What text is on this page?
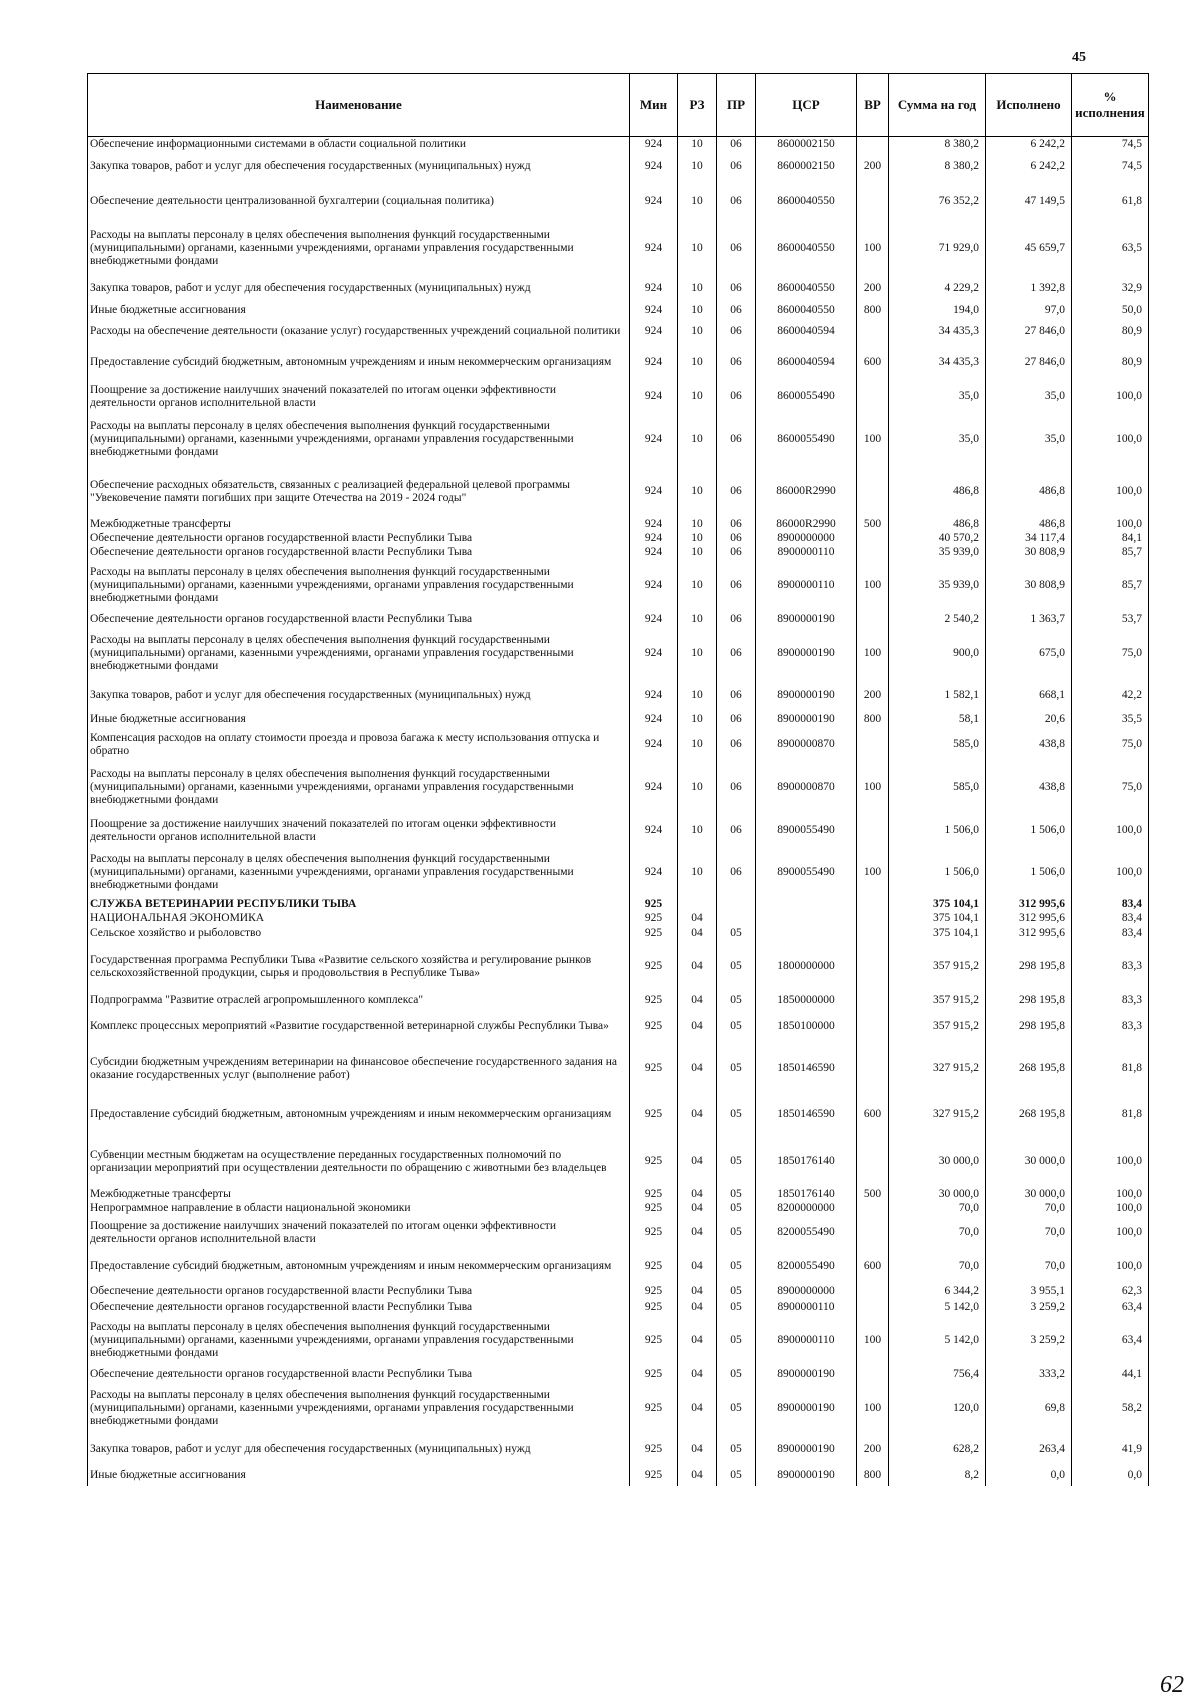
45
Наименование	Мин	РЗ	ПР	ЦСР	ВР	Сумма на год	Исполнено	% исполнения
Обеспечение информационными системами в области социальной политики	924	10	06	8600002150		8 380,2	6 242,2	74,5
Закупка товаров, работ и услуг для обеспечения государственных (муниципальных) нужд	924	10	06	8600002150	200	8 380,2	6 242,2	74,5
Обеспечение деятельности централизованной бухгалтерии (социальная политика)	924	10	06	8600040550		76 352,2	47 149,5	61,8
Расходы на выплаты персоналу в целях обеспечения выполнения функций государственными (муниципальными) органами, казенными учреждениями, органами управления государственными внебюджетными фондами	924	10	06	8600040550	100	71 929,0	45 659,7	63,5
Закупка товаров, работ и услуг для обеспечения государственных (муниципальных) нужд	924	10	06	8600040550	200	4 229,2	1 392,8	32,9
Иные бюджетные ассигнования	924	10	06	8600040550	800	194,0	97,0	50,0
Расходы на обеспечение деятельности (оказание услуг) государственных учреждений социальной политики	924	10	06	8600040594		34 435,3	27 846,0	80,9
Предоставление субсидий бюджетным, автономным учреждениям и иным некоммерческим организациям	924	10	06	8600040594	600	34 435,3	27 846,0	80,9
Поощрение за достижение наилучших значений показателей по итогам оценки эффективности деятельности органов исполнительной власти	924	10	06	8600055490		35,0	35,0	100,0
Расходы на выплаты персоналу в целях обеспечения выполнения функций государственными (муниципальными) органами, казенными учреждениями, органами управления государственными внебюджетными фондами	924	10	06	8600055490	100	35,0	35,0	100,0
Обеспечение расходных обязательств, связанных с реализацией федеральной целевой программы "Увековечение памяти погибших при защите Отечества на 2019 - 2024 годы"	924	10	06	86000R2990		486,8	486,8	100,0
Межбюджетные трансферты	924	10	06	86000R2990	500	486,8	486,8	100,0
Обеспечение деятельности органов государственной власти Республики Тыва	924	10	06	8900000000		40 570,2	34 117,4	84,1
Обеспечение деятельности органов государственной власти Республики Тыва	924	10	06	8900000110		35 939,0	30 808,9	85,7
Расходы на выплаты персоналу в целях обеспечения выполнения функций государственными (муниципальными) органами, казенными учреждениями, органами управления государственными внебюджетными фондами	924	10	06	8900000110	100	35 939,0	30 808,9	85,7
Обеспечение деятельности органов государственной власти Республики Тыва	924	10	06	8900000190		2 540,2	1 363,7	53,7
Расходы на выплаты персоналу в целях обеспечения выполнения функций государственными (муниципальными) органами, казенными учреждениями, органами управления государственными внебюджетными фондами	924	10	06	8900000190	100	900,0	675,0	75,0
Закупка товаров, работ и услуг для обеспечения государственных (муниципальных) нужд	924	10	06	8900000190	200	1 582,1	668,1	42,2
Иные бюджетные ассигнования	924	10	06	8900000190	800	58,1	20,6	35,5
Компенсация расходов на оплату стоимости проезда и провоза багажа к месту использования отпуска и обратно	924	10	06	8900000870		585,0	438,8	75,0
Расходы на выплаты персоналу в целях обеспечения выполнения функций государственными (муниципальными) органами, казенными учреждениями, органами управления государственными внебюджетными фондами	924	10	06	8900000870	100	585,0	438,8	75,0
Поощрение за достижение наилучших значений показателей по итогам оценки эффективности деятельности органов исполнительной власти	924	10	06	8900055490		1 506,0	1 506,0	100,0
Расходы на выплаты персоналу в целях обеспечения выполнения функций государственными (муниципальными) органами, казенными учреждениями, органами управления государственными внебюджетными фондами	924	10	06	8900055490	100	1 506,0	1 506,0	100,0
СЛУЖБА ВЕТЕРИНАРИИ РЕСПУБЛИКИ ТЫВА	925					375 104,1	312 995,6	83,4
НАЦИОНАЛЬНАЯ ЭКОНОМИКА	925	04				375 104,1	312 995,6	83,4
Сельское хозяйство и рыболовство	925	04	05			375 104,1	312 995,6	83,4
Государственная программа Республики Тыва «Развитие сельского хозяйства и регулирование рынков сельскохозяйственной продукции, сырья и продовольствия в Республике Тыва»	925	04	05	1800000000		357 915,2	298 195,8	83,3
Подпрограмма "Развитие отраслей агропромышленного комплекса"	925	04	05	1850000000		357 915,2	298 195,8	83,3
Комплекс процессных мероприятий «Развитие государственной ветеринарной службы Республики Тыва»	925	04	05	1850100000		357 915,2	298 195,8	83,3
Субсидии бюджетным учреждениям ветеринарии на финансовое обеспечение государственного задания на оказание государственных услуг (выполнение работ)	925	04	05	1850146590		327 915,2	268 195,8	81,8
Предоставление субсидий бюджетным, автономным учреждениям и иным некоммерческим организациям	925	04	05	1850146590	600	327 915,2	268 195,8	81,8
Субвенции местным бюджетам на осуществление переданных государственных полномочий по организации мероприятий при осуществлении деятельности по обращению с животными без владельцев	925	04	05	1850176140		30 000,0	30 000,0	100,0
Межбюджетные трансферты	925	04	05	1850176140	500	30 000,0	30 000,0	100,0
Непрограммное направление в области национальной экономики	925	04	05	8200000000		70,0	70,0	100,0
Поощрение за достижение наилучших значений показателей по итогам оценки эффективности деятельности органов исполнительной власти	925	04	05	8200055490		70,0	70,0	100,0
Предоставление субсидий бюджетным, автономным учреждениям и иным некоммерческим организациям	925	04	05	8200055490	600	70,0	70,0	100,0
Обеспечение деятельности органов государственной власти Республики Тыва	925	04	05	8900000000		6 344,2	3 955,1	62,3
Обеспечение деятельности органов государственной власти Республики Тыва	925	04	05	8900000110		5 142,0	3 259,2	63,4
Расходы на выплаты персоналу в целях обеспечения выполнения функций государственными (муниципальными) органами, казенными учреждениями, органами управления государственными внебюджетными фондами	925	04	05	8900000110	100	5 142,0	3 259,2	63,4
Обеспечение деятельности органов государственной власти Республики Тыва	925	04	05	8900000190		756,4	333,2	44,1
Расходы на выплаты персоналу в целях обеспечения выполнения функций государственными (муниципальными) органами, казенными учреждениями, органами управления государственными внебюджетными фондами	925	04	05	8900000190	100	120,0	69,8	58,2
Закупка товаров, работ и услуг для обеспечения государственных (муниципальных) нужд	925	04	05	8900000190	200	628,2	263,4	41,9
Иные бюджетные ассигнования	925	04	05	8900000190	800	8,2	0,0	0,0
62
